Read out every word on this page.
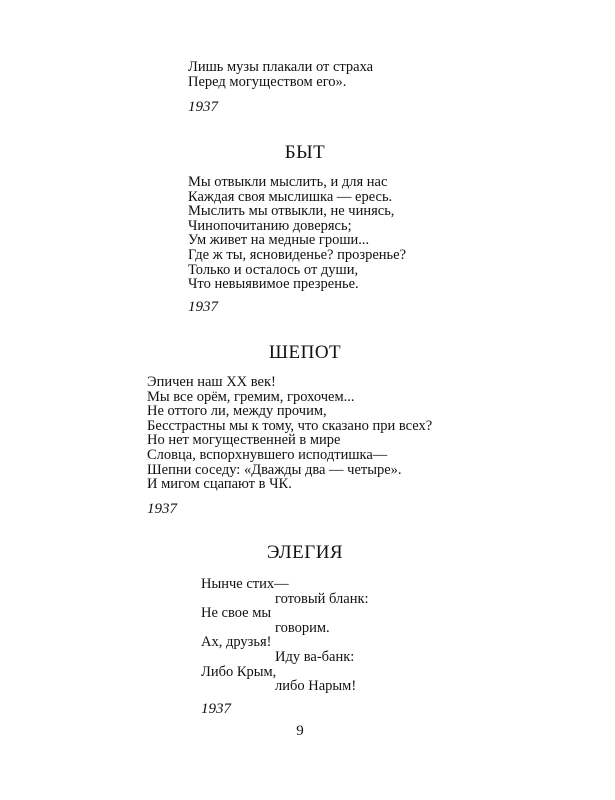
Лишь музы плакали от страха
Перед могуществом его».
1937
БЫТ
Мы отвыкли мыслить, и для нас
Каждая своя мыслишка — ересь.
Мыслить мы отвыкли, не чинясь,
Чинопочитанию доверясь;
Ум живет на медные гроши...
Где ж ты, ясновиденье? прозренье?
Только и осталось от души,
Что невыявимое презренье.
1937
ШЕПОТ
Эпичен наш XX век!
Мы все орём, гремим, грохочем...
Не оттого ли, между прочим,
Бесстрастны мы к тому, что сказано при всех?
Но нет могущественней в мире
Словца, вспорхнувшего исподтишка—
Шепни соседу: «Дважды два — четыре».
И мигом сцапают в ЧК.
1937
ЭЛЕГИЯ
Нынче стих—
готовый бланк:
Не свое мы
говорим.
Ах, друзья!
Иду ва-банк:
Либо Крым,
либо Нарым!
1937
9
